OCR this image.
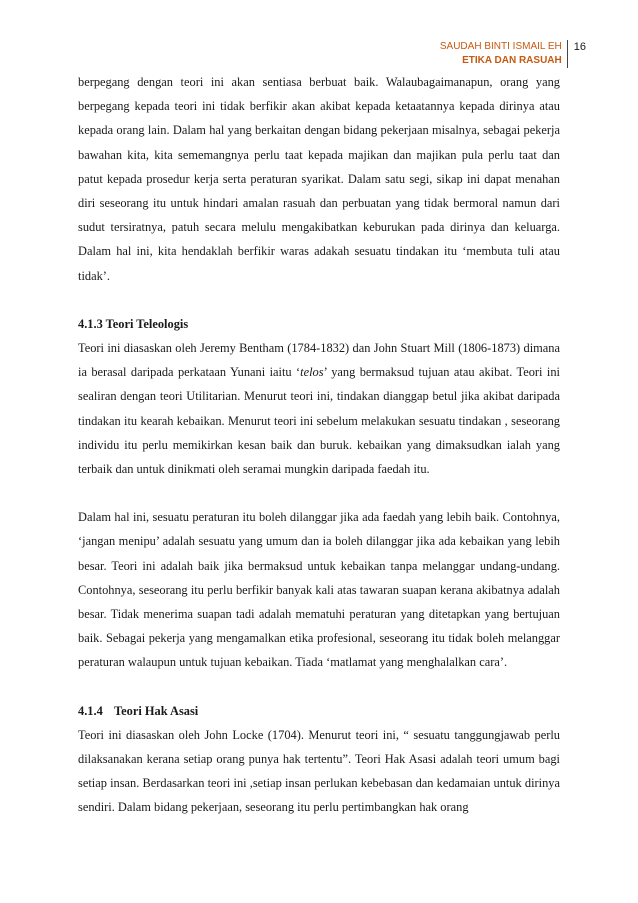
SAUDAH BINTI ISMAIL EH
ETIKA DAN RASUAH
16

berpegang dengan teori ini akan sentiasa berbuat baik. Walaubagaimanapun, orang yang berpegang kepada teori ini tidak berfikir akan akibat kepada ketaatannya kepada dirinya atau kepada orang lain. Dalam hal yang berkaitan dengan bidang pekerjaan misalnya, sebagai pekerja bawahan kita, kita sememangnya perlu taat kepada majikan dan majikan pula perlu taat dan patut kepada prosedur kerja serta peraturan syarikat. Dalam satu segi, sikap ini dapat menahan diri seseorang itu untuk hindari amalan rasuah dan perbuatan yang tidak bermoral namun dari sudut tersiratnya, patuh secara melulu mengakibatkan keburukan pada dirinya dan keluarga. Dalam hal ini, kita hendaklah berfikir waras adakah sesuatu tindakan itu ‘membuta tuli atau tidak’.

4.1.3 Teori Teleologis

Teori ini diasaskan oleh Jeremy Bentham (1784-1832) dan John Stuart Mill (1806-1873) dimana ia berasal daripada perkataan Yunani iaitu ‘telos’ yang bermaksud tujuan atau akibat. Teori ini sealiran dengan teori Utilitarian. Menurut teori ini, tindakan dianggap betul jika akibat daripada tindakan itu kearah kebaikan. Menurut teori ini sebelum melakukan sesuatu tindakan , seseorang individu itu perlu memikirkan kesan baik dan buruk. kebaikan yang dimaksudkan ialah yang terbaik dan untuk dinikmati oleh seramai mungkin daripada faedah itu.

Dalam hal ini, sesuatu peraturan itu boleh dilanggar jika ada faedah yang lebih baik. Contohnya, ‘jangan menipu’ adalah sesuatu yang umum dan ia boleh dilanggar jika ada kebaikan yang lebih besar. Teori ini adalah baik jika bermaksud untuk kebaikan tanpa melanggar undang-undang. Contohnya, seseorang itu perlu berfikir banyak kali atas tawaran suapan kerana akibatnya adalah besar. Tidak menerima suapan tadi adalah mematuhi peraturan yang ditetapkan yang bertujuan baik. Sebagai pekerja yang mengamalkan etika profesional, seseorang itu tidak boleh melanggar peraturan walaupun untuk tujuan kebaikan. Tiada ‘matlamat yang menghalalkan cara’.

4.1.4 Teori Hak Asasi

Teori ini diasaskan oleh John Locke (1704). Menurut teori ini, “ sesuatu tanggungjawab perlu dilaksanakan kerana setiap orang punya hak tertentu”. Teori Hak Asasi adalah teori umum bagi setiap insan. Berdasarkan teori ini ,setiap insan perlukan kebebasan dan kedamaian untuk dirinya sendiri. Dalam bidang pekerjaan, seseorang itu perlu pertimbangkan hak orang
